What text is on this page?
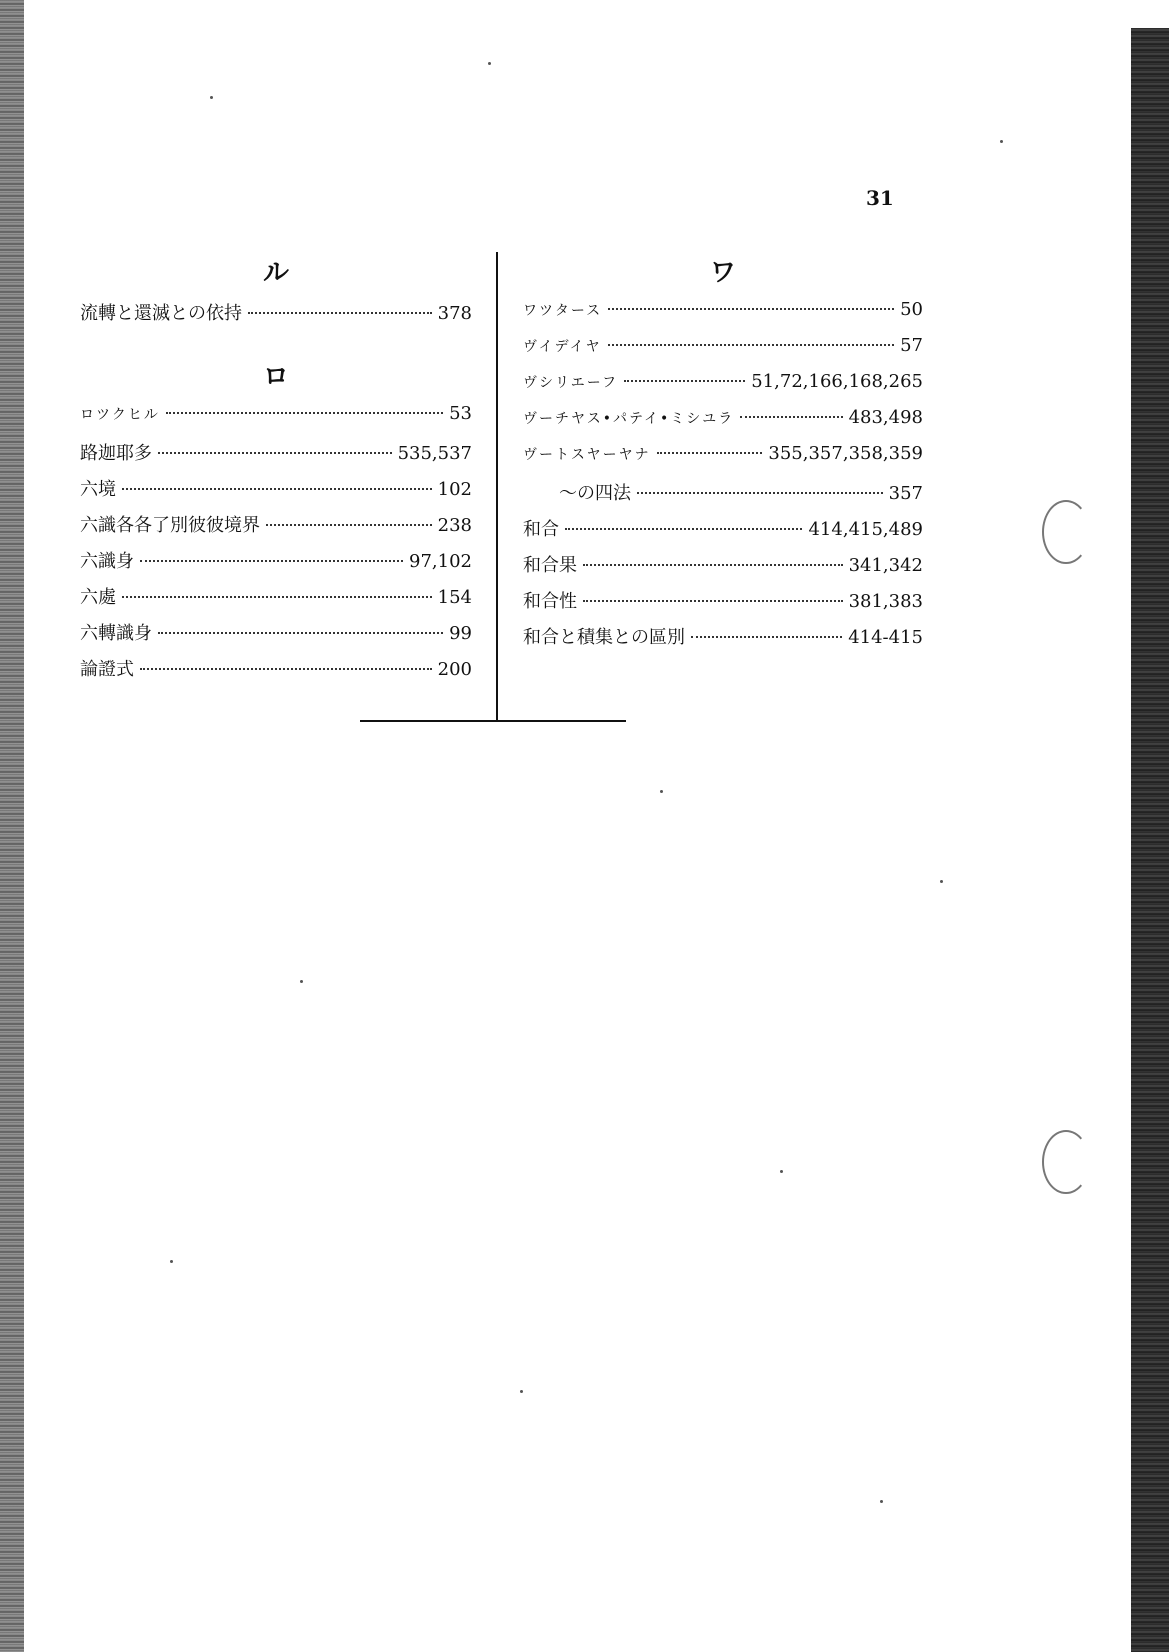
31
ル
流轉と還滅との依持	378
ロ
ロツクヒル	53
路迦耶多	535,537
六境	102
六識各各了別彼彼境界	238
六識身	97,102
六處	154
六轉識身	99
論證式	200
ワ
ワツタース	50
ヴイデイヤ	57
ヴシリエーフ	51,72,166,168,265
ヴーチヤス•パテイ•ミシユラ	483,498
ヴートスヤーヤナ	355,357,358,359
〜の四法	357
和合	414,415,489
和合果	341,342
和合性	381,383
和合と積集との區別	414-415
